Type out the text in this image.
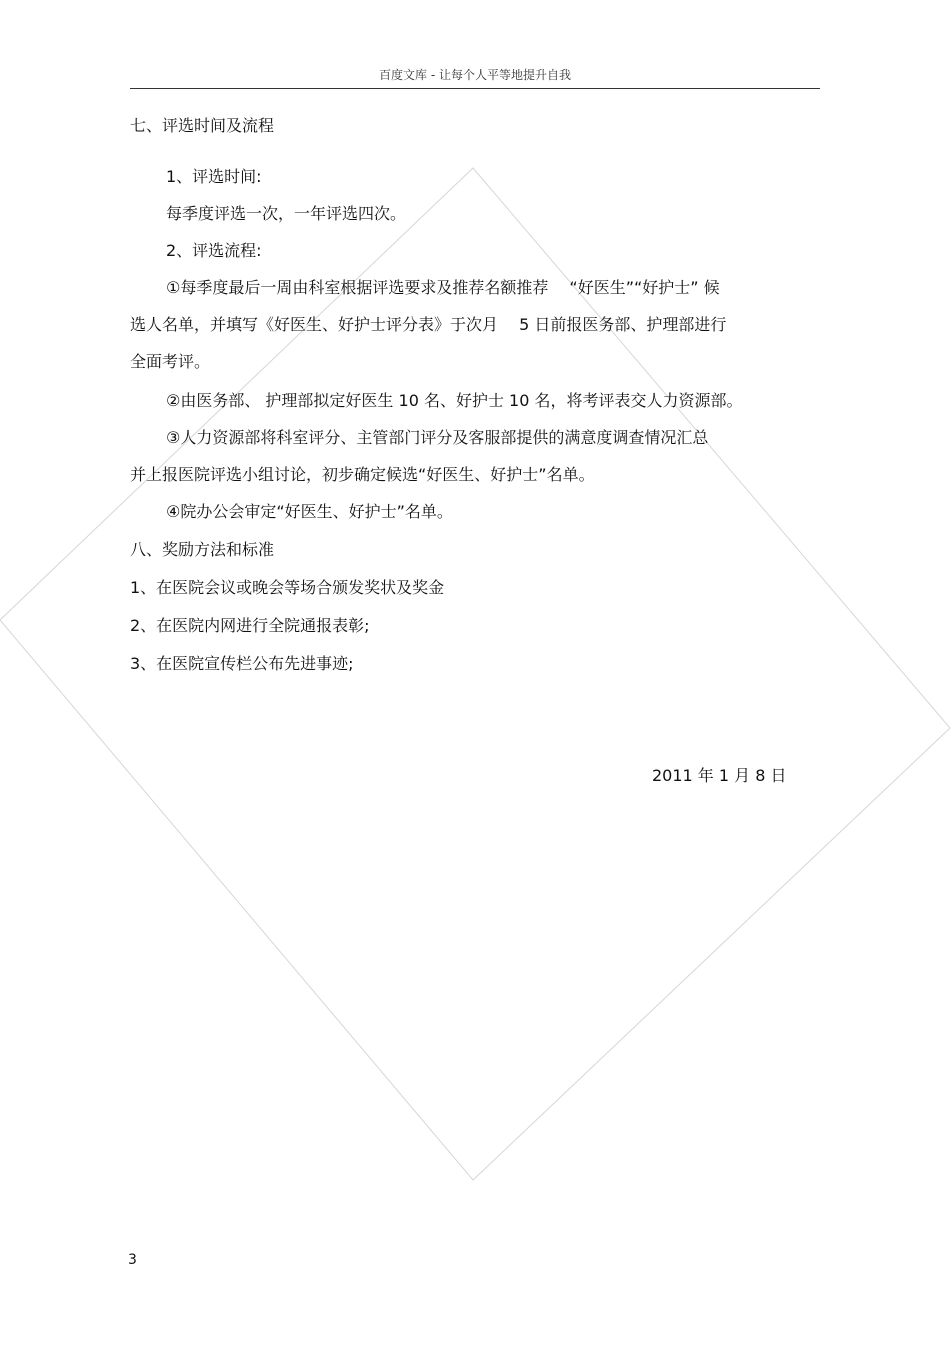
百度文库 - 让每个人平等地提升自我
七、评选时间及流程
1、评选时间:
每季度评选一次，一年评选四次。
2、评选流程:
①每季度最后一周由科室根据评选要求及推荐名额推荐　 “好医生”“好护士” 候
选人名单，并填写《好医生、好护士评分表》于次月　 5 日前报医务部、护理部进行
全面考评。
②由医务部、 护理部拟定好医生 10 名、好护士 10 名，将考评表交人力资源部。
③人力资源部将科室评分、主管部门评分及客服部提供的满意度调查情况汇总
并上报医院评选小组讨论，初步确定候选“好医生、好护士”名单。
④院办公会审定“好医生、好护士”名单。
八、奖励方法和标准
1、在医院会议或晚会等场合颁发奖状及奖金
2、在医院内网进行全院通报表彰;
3、在医院宣传栏公布先进事迹;
2011 年 1 月 8 日
3
